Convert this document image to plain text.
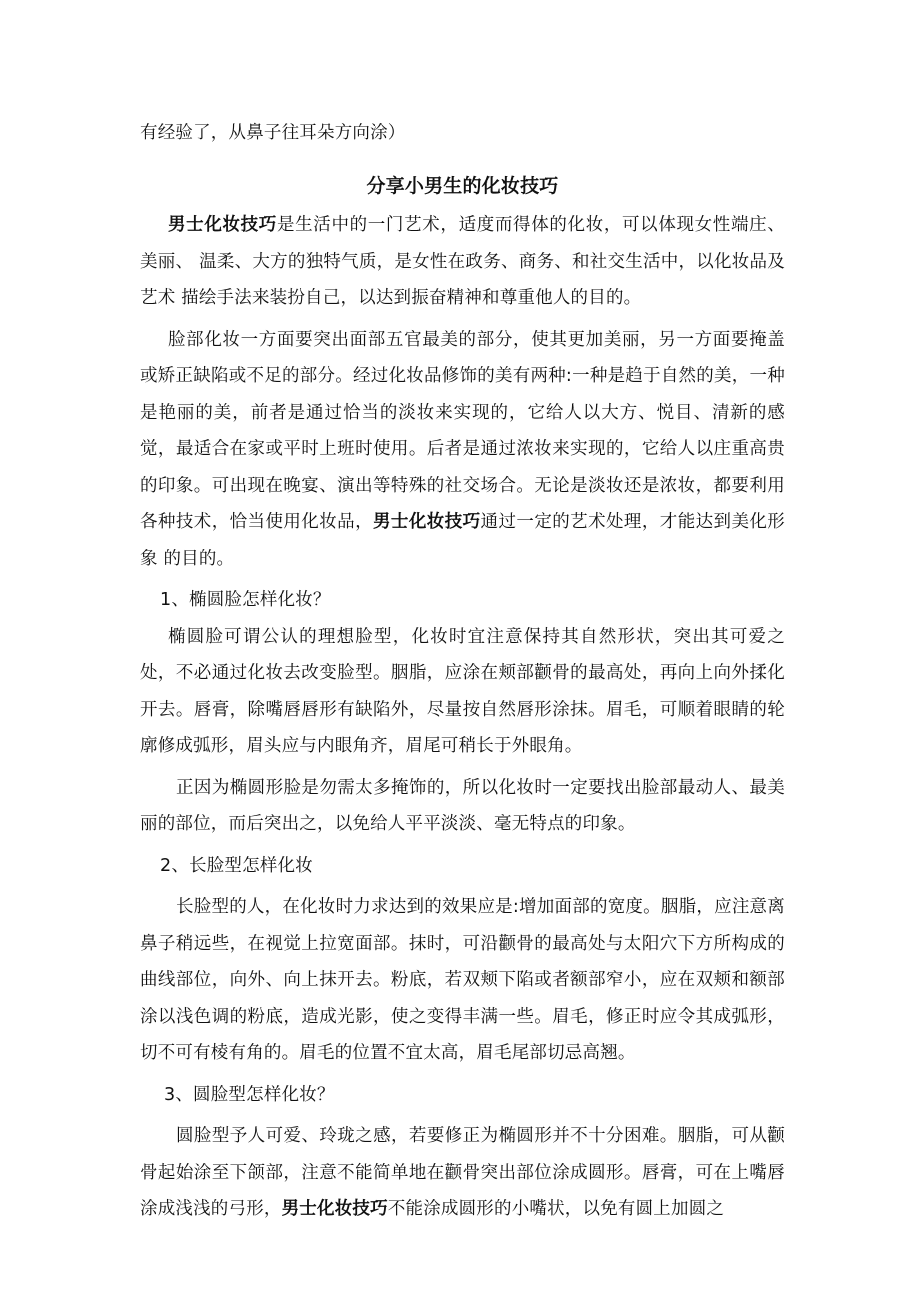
有经验了，从鼻子往耳朵方向涂）

分享小男生的化妆技巧

男士化妆技巧是生活中的一门艺术，适度而得体的化妆，可以体现女性端庄、美丽、 温柔、大方的独特气质，是女性在政务、商务、和社交生活中，以化妆品及艺术 描绘手法来装扮自己，以达到振奋精神和尊重他人的目的。

脸部化妆一方面要突出面部五官最美的部分，使其更加美丽，另一方面要掩盖或矫正缺陷或不足的部分。经过化妆品修饰的美有两种:一种是趋于自然的美，一种是艳丽的美，前者是通过恰当的淡妆来实现的，它给人以大方、悦目、清新的感觉，最适合在家或平时上班时使用。后者是通过浓妆来实现的，它给人以庄重高贵的印象。可出现在晚宴、演出等特殊的社交场合。无论是淡妆还是浓妆，都要利用各种技术，恰当使用化妆品，男士化妆技巧通过一定的艺术处理，才能达到美化形象 的目的。

1、椭圆脸怎样化妆？

椭圆脸可谓公认的理想脸型，化妆时宜注意保持其自然形状，突出其可爱之处，不必通过化妆去改变脸型。胭脂，应涂在颊部颧骨的最高处，再向上向外揉化开去。唇膏，除嘴唇唇形有缺陷外，尽量按自然唇形涂抹。眉毛，可顺着眼睛的轮廓修成弧形，眉头应与内眼角齐，眉尾可稍长于外眼角。

正因为椭圆形脸是勿需太多掩饰的，所以化妆时一定要找出脸部最动人、最美丽的部位，而后突出之，以免给人平平淡淡、毫无特点的印象。

2、长脸型怎样化妆

长脸型的人，在化妆时力求达到的效果应是:增加面部的宽度。胭脂，应注意离鼻子稍远些，在视觉上拉宽面部。抹时，可沿颧骨的最高处与太阳穴下方所构成的曲线部位，向外、向上抹开去。粉底，若双颊下陷或者额部窄小，应在双颊和额部涂以浅色调的粉底，造成光影，使之变得丰满一些。眉毛，修正时应令其成弧形，切不可有棱有角的。眉毛的位置不宜太高，眉毛尾部切忌高翘。

3、圆脸型怎样化妆？

圆脸型予人可爱、玲珑之感，若要修正为椭圆形并不十分困难。胭脂，可从颧骨起始涂至下颌部，注意不能简单地在颧骨突出部位涂成圆形。唇膏，可在上嘴唇涂成浅浅的弓形，男士化妆技巧不能涂成圆形的小嘴状，以免有圆上加圆之
